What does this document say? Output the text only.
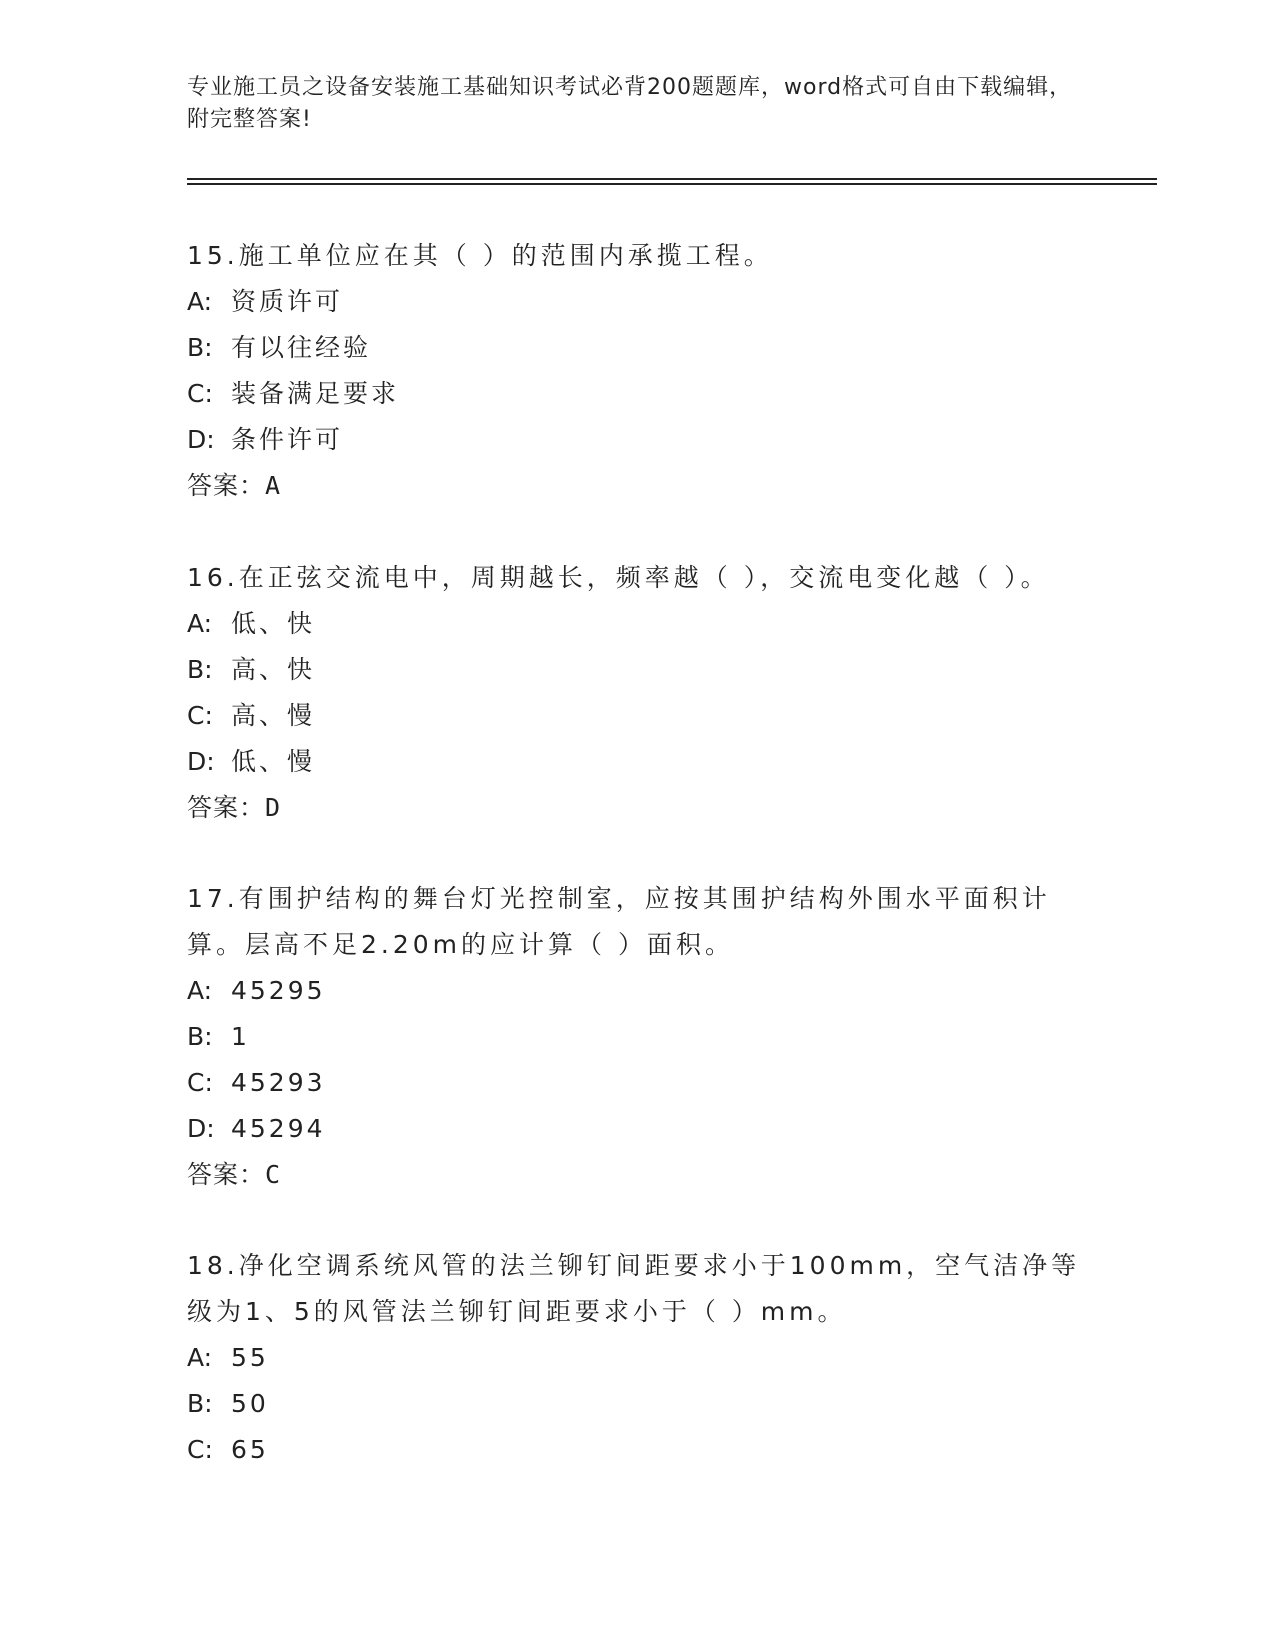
专业施工员之设备安装施工基础知识考试必背200题题库，word格式可自由下载编辑，附完整答案!

15.施工单位应在其（ ）的范围内承揽工程。

A: 资质许可

B: 有以往经验

C: 装备满足要求

D: 条件许可

答案：A

16.在正弦交流电中，周期越长，频率越（ ），交流电变化越（ ）。

A: 低、快

B: 高、快

C: 高、慢

D: 低、慢

答案：D

17.有围护结构的舞台灯光控制室，应按其围护结构外围水平面积计算。层高不足2.20m的应计算（ ）面积。

A: 45295

B: 1

C: 45293

D: 45294

答案：C

18.净化空调系统风管的法兰铆钉间距要求小于100mm，空气洁净等级为1、5的风管法兰铆钉间距要求小于（ ）mm。

A: 55

B: 50

C: 65
